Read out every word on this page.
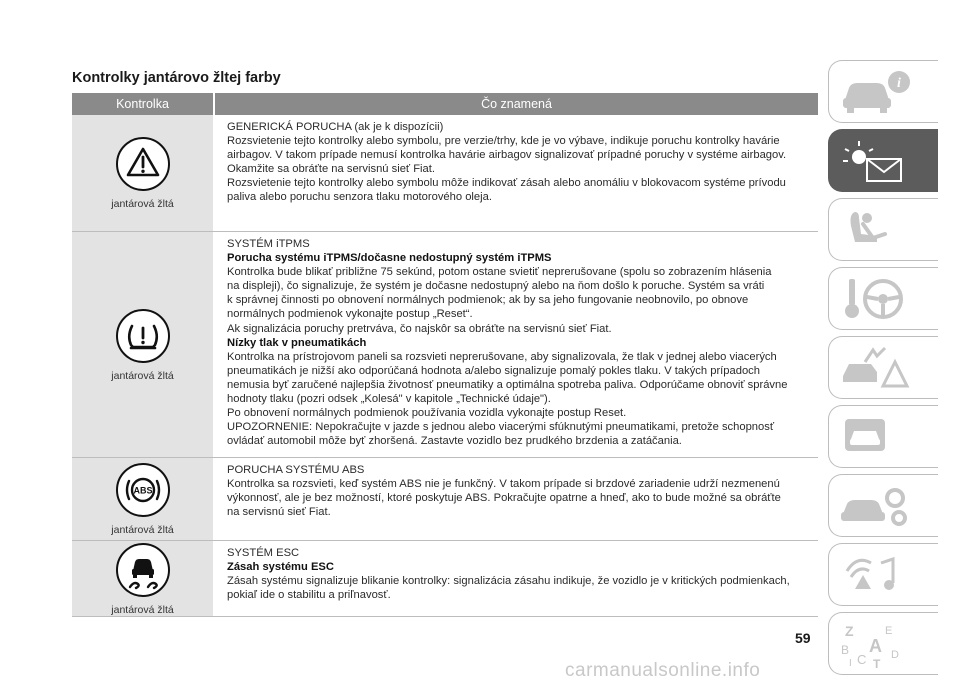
Kontrolky jantárovo žltej farby
Kontrolka	Čo znamená
jantárová žltá
GENERICKÁ PORUCHA (ak je k dispozícii)
Rozsvietenie tejto kontrolky alebo symbolu, pre verzie/trhy, kde je vo výbave, indikuje poruchu kontrolky havárie
airbagov. V takom prípade nemusí kontrolka havárie airbagov signalizovať prípadné poruchy v systéme airbagov.
Okamžite sa obráťte na servisnú sieť Fiat.
Rozsvietenie tejto kontrolky alebo symbolu môže indikovať zásah alebo anomáliu v blokovacom systéme prívodu
paliva alebo poruchu senzora tlaku motorového oleja.
jantárová žltá
SYSTÉM iTPMS
Porucha systému iTPMS/dočasne nedostupný systém iTPMS
Kontrolka bude blikať približne 75 sekúnd, potom ostane svietiť neprerušovane (spolu so zobrazením hlásenia
na displeji), čo signalizuje, že systém je dočasne nedostupný alebo na ňom došlo k poruche. Systém sa vráti
k správnej činnosti po obnovení normálnych podmienok; ak by sa jeho fungovanie neobnovilo, po obnove
normálnych podmienok vykonajte postup „Reset“.
Ak signalizácia poruchy pretrváva, čo najskôr sa obráťte na servisnú sieť Fiat.
Nízky tlak v pneumatikách
Kontrolka na prístrojovom paneli sa rozsvieti neprerušovane, aby signalizovala, že tlak v jednej alebo viacerých
pneumatikách je nižší ako odporúčaná hodnota a/alebo signalizuje pomalý pokles tlaku. V takých prípadoch
nemusia byť zaručené najlepšia životnosť pneumatiky a optimálna spotreba paliva. Odporúčame obnoviť správne
hodnoty tlaku (pozri odsek „Kolesá" v kapitole „Technické údaje").
Po obnovení normálnych podmienok používania vozidla vykonajte postup Reset.
UPOZORNENIE: Nepokračujte v jazde s jednou alebo viacerými sfúknutými pneumatikami, pretože schopnosť
ovládať automobil môže byť zhoršená. Zastavte vozidlo bez prudkého brzdenia a zatáčania.
ABS
jantárová žltá
PORUCHA SYSTÉMU ABS
Kontrolka sa rozsvieti, keď systém ABS nie je funkčný. V takom prípade si brzdové zariadenie udrží nezmenenú
výkonnosť, ale je bez možností, ktoré poskytuje ABS. Pokračujte opatrne a hneď, ako to bude možné sa obráťte
na servisnú sieť Fiat.
jantárová žltá
SYSTÉM ESC
Zásah systému ESC
Zásah systému signalizuje blikanie kontrolky: signalizácia zásahu indikuje, že vozidlo je v kritických podmienkach,
pokiaľ ide o stabilitu a priľnavosť.
59
i
Z	E
A
B
C T
D
I
carmanualsonline.info
